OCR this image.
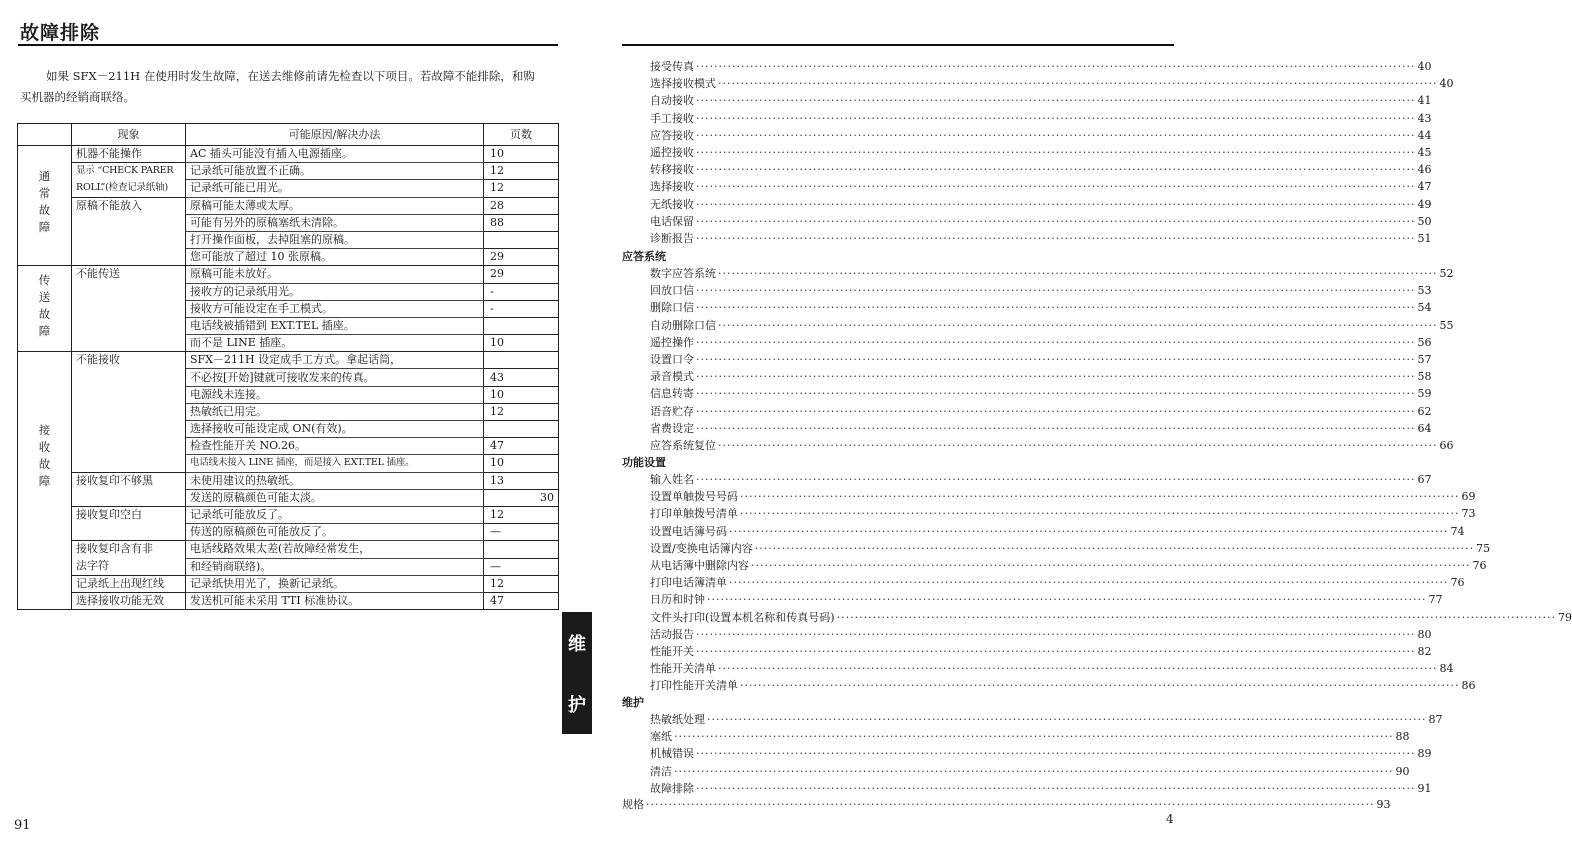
故障排除
如果 SFX－211H 在使用时发生故障，在送去维修前请先检查以下项目。若故障不能排除，和购
买机器的经销商联络。
	现象	可能原因/解决办法	页数

通
常
故
障	机器不能操作	AC 插头可能没有插入电源插座。	10
	显示 “CHECK PARER	记录纸可能放置不正确。	12
	ROLL”(检查记录纸轴)	记录纸可能已用光。	12
	原稿不能放入	原稿可能太薄或太厚。	28
		可能有另外的原稿塞纸未清除。	88
		打开操作面板，去掉阻塞的原稿。	
		您可能放了超过 10 张原稿。	29

传
送
故
障	不能传送	原稿可能未放好。	29
		接收方的记录纸用光。	-
		接收方可能设定在手工模式。	-
		电话线被插错到 EXT.TEL 插座。	
		而不是 LINE 插座。	10

接
收
故
障	不能接收	SFX－211H 设定成手工方式。拿起话筒，	
		不必按[开始]键就可接收发来的传真。	43
		电源线未连接。	10
		热敏纸已用完。	12
		选择接收可能设定成 ON(有效)。	
		检查性能开关 NO.26。	47
		电话线未接入 LINE 插座，而是接入 EXT.TEL 插座。	10
	接收复印不够黑	未使用建议的热敏纸。	13
		发送的原稿颜色可能太淡。	30
	接收复印空白	记录纸可能放反了。	12
		传送的原稿颜色可能放反了。	—
	接收复印含有非	电话线路效果太差(若故障经常发生，	
	法字符	和经销商联络)。	—
	记录纸上出现红线	记录纸快用光了，换新记录纸。	12
	选择接收功能无效	发送机可能未采用 TTI 标准协议。	47
91
维
护
应答系统
功能设置
维护
规格 ·································································································································································· 93
接受传真 ································································································································································ 40
选择接收模式 ································································································································································ 40
自动接收 ································································································································································ 41
手工接收 ································································································································································ 43
应答接收 ································································································································································ 44
遥控接收 ································································································································································ 45
转移接收 ································································································································································ 46
选择接收 ································································································································································ 47
无纸接收 ································································································································································ 49
电话保留 ································································································································································ 50
诊断报告 ································································································································································ 51
数字应答系统 ································································································································································ 52
回放口信 ································································································································································ 53
删除口信 ································································································································································ 54
自动删除口信 ································································································································································ 55
遥控操作 ································································································································································ 56
设置口令 ································································································································································ 57
录音模式 ································································································································································ 58
信息转寄 ································································································································································ 59
语音贮存 ································································································································································ 62
省费设定 ································································································································································ 64
应答系统复位 ································································································································································ 66
输入姓名 ································································································································································ 67
设置单触拨号号码 ································································································································································ 69
打印单触拨号清单 ································································································································································ 73
设置电话簿号码 ································································································································································ 74
设置/变换电话簿内容 ································································································································································ 75
从电话簿中删除内容 ································································································································································ 76
打印电话簿清单 ································································································································································ 76
日历和时钟 ································································································································································ 77
文件头打印(设置本机名称和传真号码) ································································································································································ 79
活动报告 ································································································································································ 80
性能开关 ································································································································································ 82
性能开关清单 ································································································································································ 84
打印性能开关清单 ································································································································································ 86
热敏纸处理 ································································································································································ 87
塞纸 ································································································································································ 88
机械错误 ································································································································································ 89
清洁 ································································································································································ 90
故障排除 ································································································································································ 91
4
